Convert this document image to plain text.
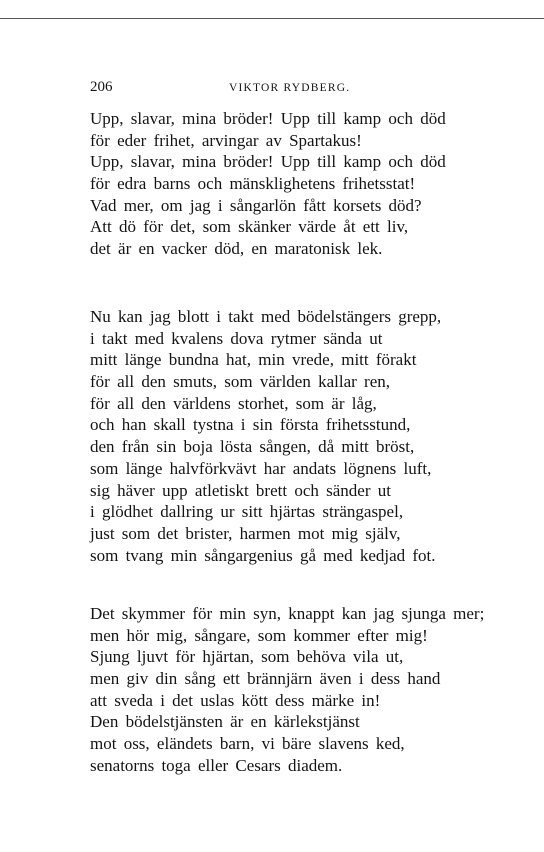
206	VIKTOR RYDBERG.
Upp, slavar, mina bröder! Upp till kamp och död
för eder frihet, arvingar av Spartakus!
Upp, slavar, mina bröder! Upp till kamp och död
för edra barns och mänsklighetens frihetsstat!
Vad mer, om jag i sångarlön fått korsets död?
Att dö för det, som skänker värde åt ett liv,
det är en vacker död, en maratonisk lek.
Nu kan jag blott i takt med bödelstängers grepp,
i takt med kvalens dova rytmer sända ut
mitt länge bundna hat, min vrede, mitt förakt
för all den smuts, som världen kallar ren,
för all den världens storhet, som är låg,
och han skall tystna i sin första frihetsstund,
den från sin boja lösta sången, då mitt bröst,
som länge halvförkvävt har andats lögnens luft,
sig häver upp atletiskt brett och sänder ut
i glödhet dallring ur sitt hjärtas strängaspel,
just som det brister, harmen mot mig själv,
som tvang min sångargenius gå med kedjad fot.
Det skymmer för min syn, knappt kan jag sjunga mer;
men hör mig, sångare, som kommer efter mig!
Sjung ljuvt för hjärtan, som behöva vila ut,
men giv din sång ett brännjärn även i dess hand
att sveda i det uslas kött dess märke in!
Den bödelstjänsten är en kärlekstjänst
mot oss, eländets barn, vi bäre slavens ked,
senatorns toga eller Cesars diadem.
